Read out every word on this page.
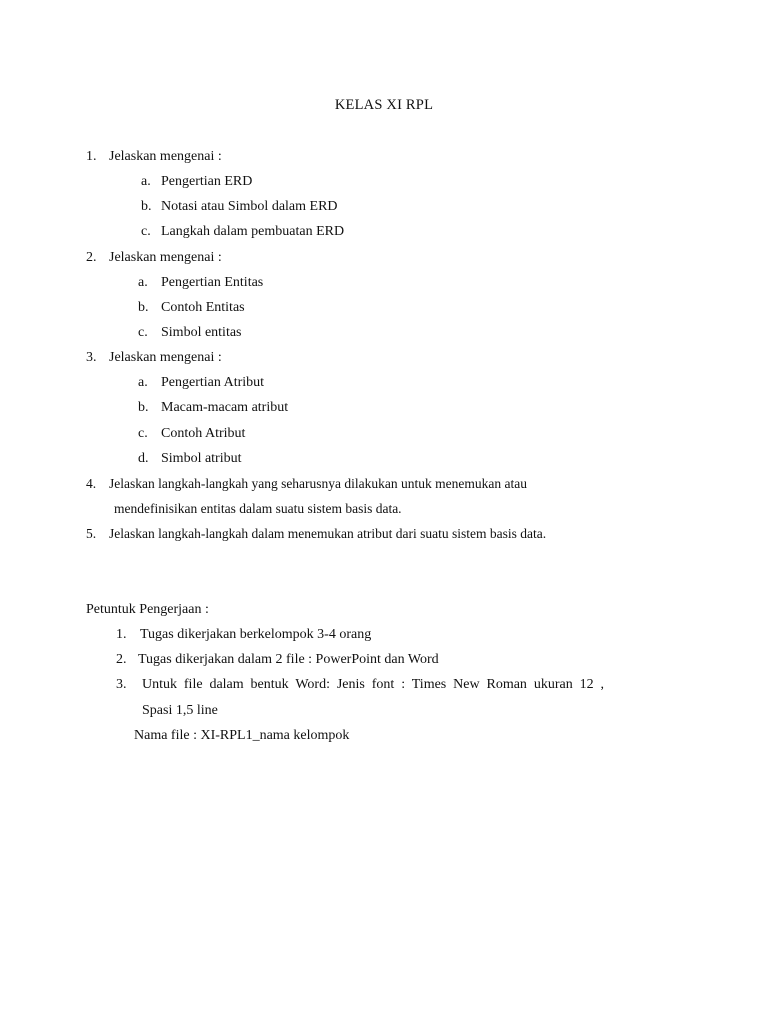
KELAS XI RPL
1. Jelaskan mengenai :
a. Pengertian ERD
b. Notasi atau Simbol dalam ERD
c. Langkah dalam pembuatan ERD
2. Jelaskan mengenai :
a. Pengertian Entitas
b. Contoh Entitas
c. Simbol entitas
3. Jelaskan mengenai :
a. Pengertian Atribut
b. Macam-macam atribut
c. Contoh Atribut
d. Simbol atribut
4. Jelaskan langkah-langkah yang seharusnya dilakukan untuk menemukan atau
mendefinisikan entitas dalam suatu sistem basis data.
5. Jelaskan langkah-langkah dalam menemukan atribut dari suatu sistem basis data.
Petuntuk Pengerjaan :
1. Tugas dikerjakan berkelompok 3-4 orang
2. Tugas dikerjakan dalam 2 file : PowerPoint dan Word
3. Untuk file dalam bentuk Word: Jenis font : Times New Roman ukuran 12 ,
Spasi 1,5 line
Nama file : XI-RPL1_nama kelompok
